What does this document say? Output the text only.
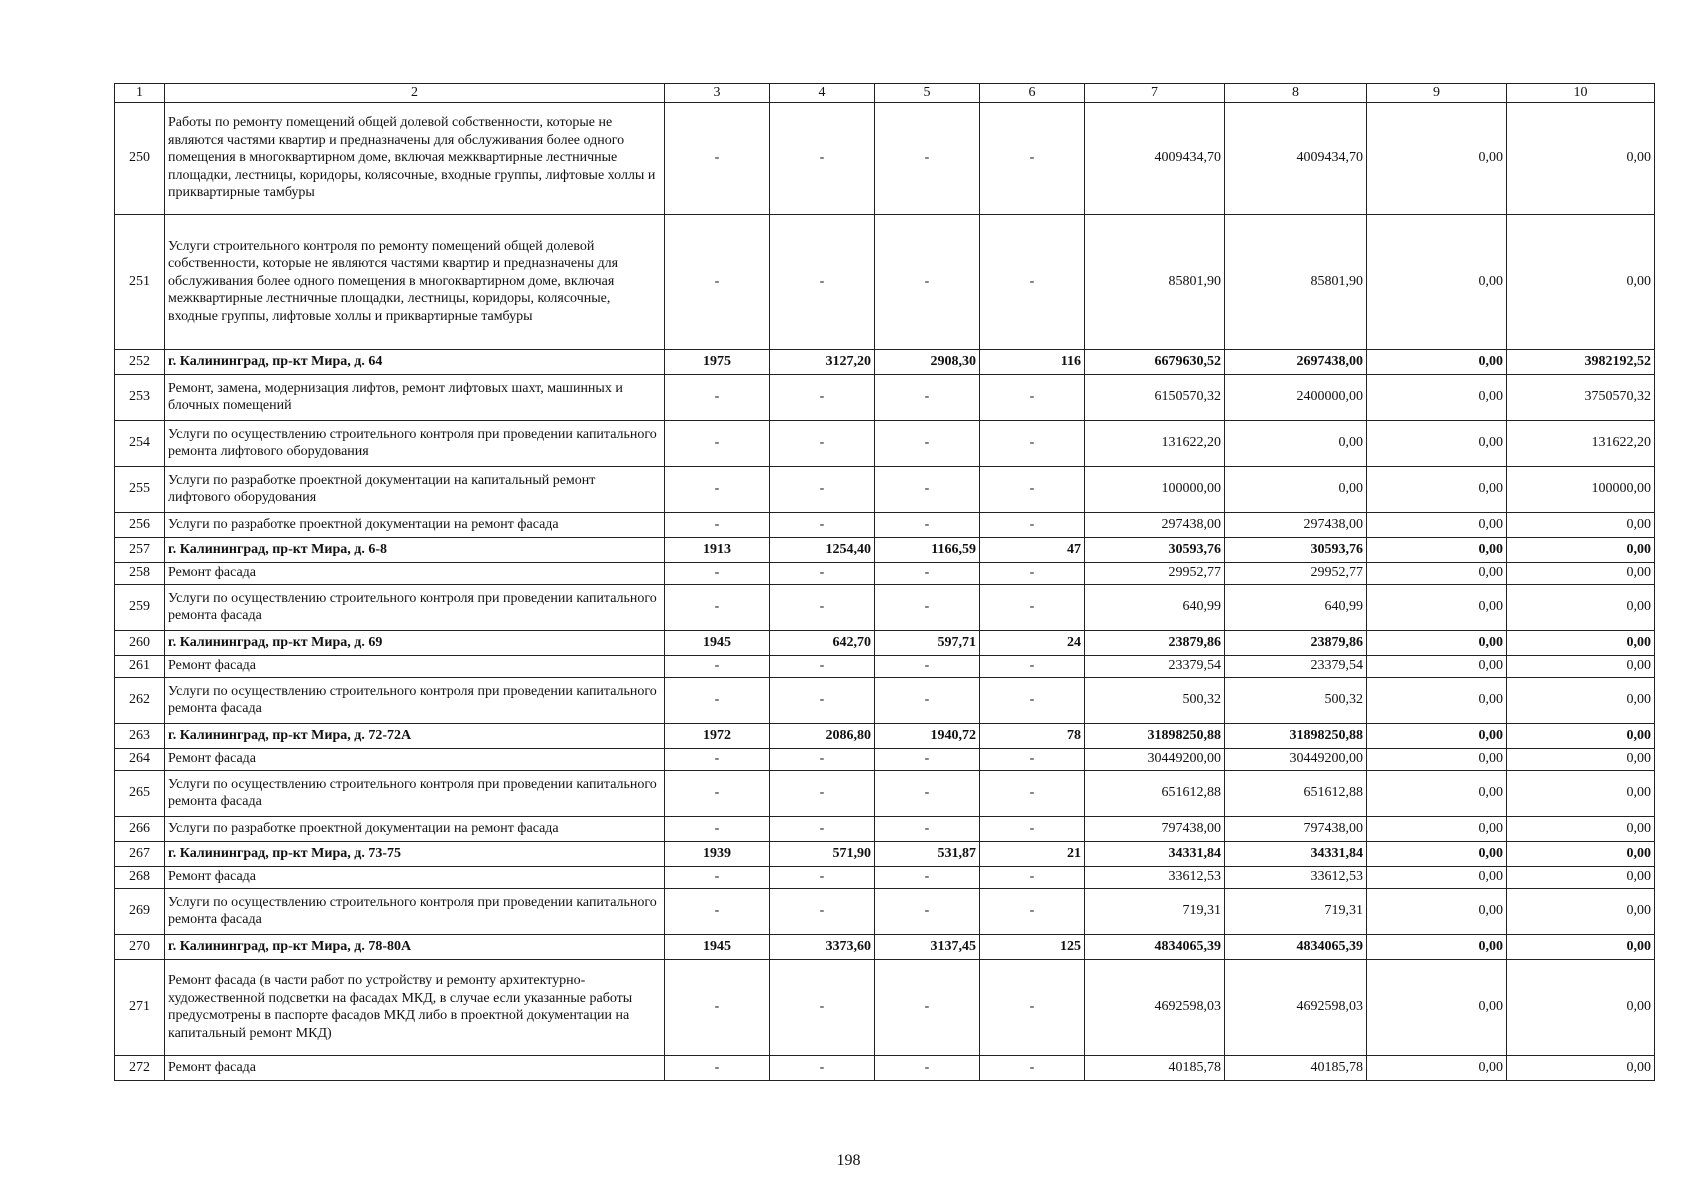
1	2	3	4	5	6	7	8	9	10
250	Работы по ремонту помещений общей долевой собственности, которые не являются частями квартир и предназначены для обслуживания более одного помещения в многоквартирном доме, включая межквартирные лестничные площадки, лестницы, коридоры, колясочные, входные группы, лифтовые холлы и приквартирные тамбуры	-	-	-	-	4009434,70	4009434,70	0,00	0,00
251	Услуги строительного контроля по ремонту помещений общей долевой собственности, которые не являются частями квартир и предназначены для обслуживания более одного помещения в многоквартирном доме, включая межквартирные лестничные площадки, лестницы, коридоры, колясочные, входные группы, лифтовые холлы и приквартирные тамбуры	-	-	-	-	85801,90	85801,90	0,00	0,00
252	г. Калининград, пр-кт Мира, д. 64	1975	3127,20	2908,30	116	6679630,52	2697438,00	0,00	3982192,52
253	Ремонт, замена, модернизация лифтов, ремонт лифтовых шахт, машинных и блочных помещений	-	-	-	-	6150570,32	2400000,00	0,00	3750570,32
254	Услуги по осуществлению строительного контроля при проведении капитального ремонта лифтового оборудования	-	-	-	-	131622,20	0,00	0,00	131622,20
255	Услуги по разработке проектной документации на капитальный ремонт лифтового оборудования	-	-	-	-	100000,00	0,00	0,00	100000,00
256	Услуги по разработке проектной документации на ремонт фасада	-	-	-	-	297438,00	297438,00	0,00	0,00
257	г. Калининград, пр-кт Мира, д. 6-8	1913	1254,40	1166,59	47	30593,76	30593,76	0,00	0,00
258	Ремонт фасада	-	-	-	-	29952,77	29952,77	0,00	0,00
259	Услуги по осуществлению строительного контроля при проведении капитального ремонта фасада	-	-	-	-	640,99	640,99	0,00	0,00
260	г. Калининград, пр-кт Мира, д. 69	1945	642,70	597,71	24	23879,86	23879,86	0,00	0,00
261	Ремонт фасада	-	-	-	-	23379,54	23379,54	0,00	0,00
262	Услуги по осуществлению строительного контроля при проведении капитального ремонта фасада	-	-	-	-	500,32	500,32	0,00	0,00
263	г. Калининград, пр-кт Мира, д. 72-72А	1972	2086,80	1940,72	78	31898250,88	31898250,88	0,00	0,00
264	Ремонт фасада	-	-	-	-	30449200,00	30449200,00	0,00	0,00
265	Услуги по осуществлению строительного контроля при проведении капитального ремонта фасада	-	-	-	-	651612,88	651612,88	0,00	0,00
266	Услуги по разработке проектной документации на ремонт фасада	-	-	-	-	797438,00	797438,00	0,00	0,00
267	г. Калининград, пр-кт Мира, д. 73-75	1939	571,90	531,87	21	34331,84	34331,84	0,00	0,00
268	Ремонт фасада	-	-	-	-	33612,53	33612,53	0,00	0,00
269	Услуги по осуществлению строительного контроля при проведении капитального ремонта фасада	-	-	-	-	719,31	719,31	0,00	0,00
270	г. Калининград, пр-кт Мира, д. 78-80А	1945	3373,60	3137,45	125	4834065,39	4834065,39	0,00	0,00
271	Ремонт фасада (в части работ по устройству и ремонту архитектурно-художественной подсветки на фасадах МКД, в случае если указанные работы предусмотрены в паспорте фасадов МКД либо в проектной документации на капитальный ремонт МКД)	-	-	-	-	4692598,03	4692598,03	0,00	0,00
272	Ремонт фасада	-	-	-	-	40185,78	40185,78	0,00	0,00
198
